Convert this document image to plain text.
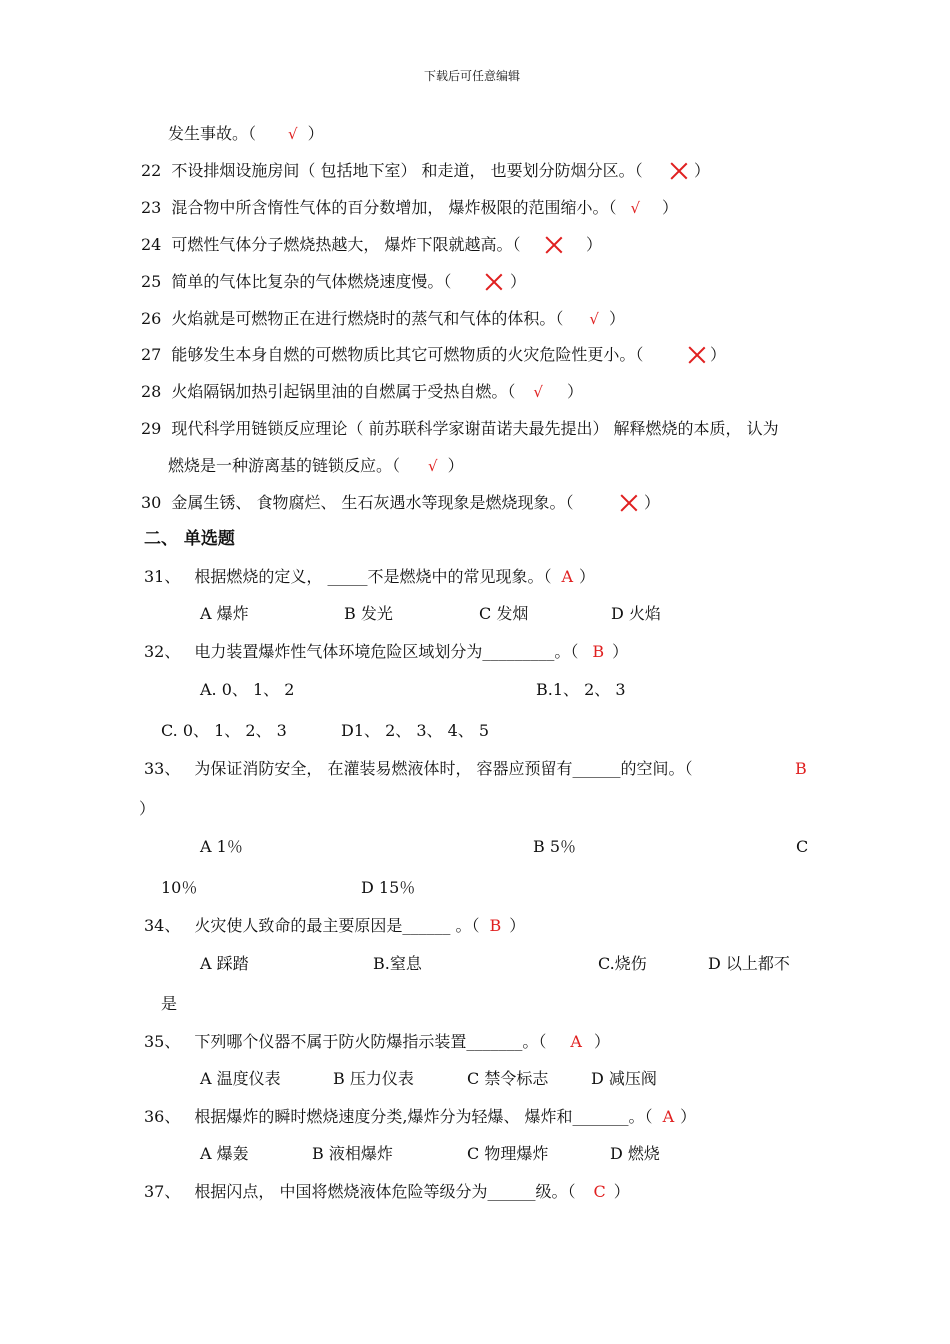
下载后可任意编辑
发生事故。（ √ ）
22 不设排烟设施房间（ 包括地下室） 和走道， 也要划分防烟分区。（	）
23 混合物中所含惰性气体的百分数增加， 爆炸极限的范围缩小。（ √ ）
24 可燃性气体分子燃烧热越大， 爆炸下限就越高。（	）
25 简单的气体比复杂的气体燃烧速度慢。（	）
26 火焰就是可燃物正在进行燃烧时的蒸气和气体的体积。（ √ ）
27 能够发生本身自燃的可燃物质比其它可燃物质的火灾危险性更小。（	）
28 火焰隔锅加热引起锅里油的自燃属于受热自燃。（ √ ）
29 现代科学用链锁反应理论（ 前苏联科学家谢苗诺夫最先提出） 解释燃烧的本质， 认为
燃烧是一种游离基的链锁反应。（ √ ）
30 金属生锈、 食物腐烂、 生石灰遇水等现象是燃烧现象。（	）
二、 单选题
31、 根据燃烧的定义， _____不是燃烧中的常见现象。（ A ）
A 爆炸	B 发光	C 发烟	D 火焰
32、 电力装置爆炸性气体环境危险区域划分为_________。（ B ）
A. 0、 1、 2	B.1、 2、 3
C. 0、 1、 2、 3	D1、 2、 3、 4、 5
33、 为保证消防安全， 在灌装易燃液体时， 容器应预留有______的空间。（	B
）
A 1％	B 5％	C
10％	D 15％
34、 火灾使人致命的最主要原因是______ 。（ B ）
A 踩踏	B.窒息	C.烧伤	D 以上都不
是
35、 下列哪个仪器不属于防火防爆指示装置_______。（ A ）
A 温度仪表	B 压力仪表	C 禁令标志	D 减压阀
36、 根据爆炸的瞬时燃烧速度分类,爆炸分为轻爆、 爆炸和_______。（ A ）
A 爆轰	B 液相爆炸	C 物理爆炸	D 燃烧
37、 根据闪点， 中国将燃烧液体危险等级分为______级。（ C ）
